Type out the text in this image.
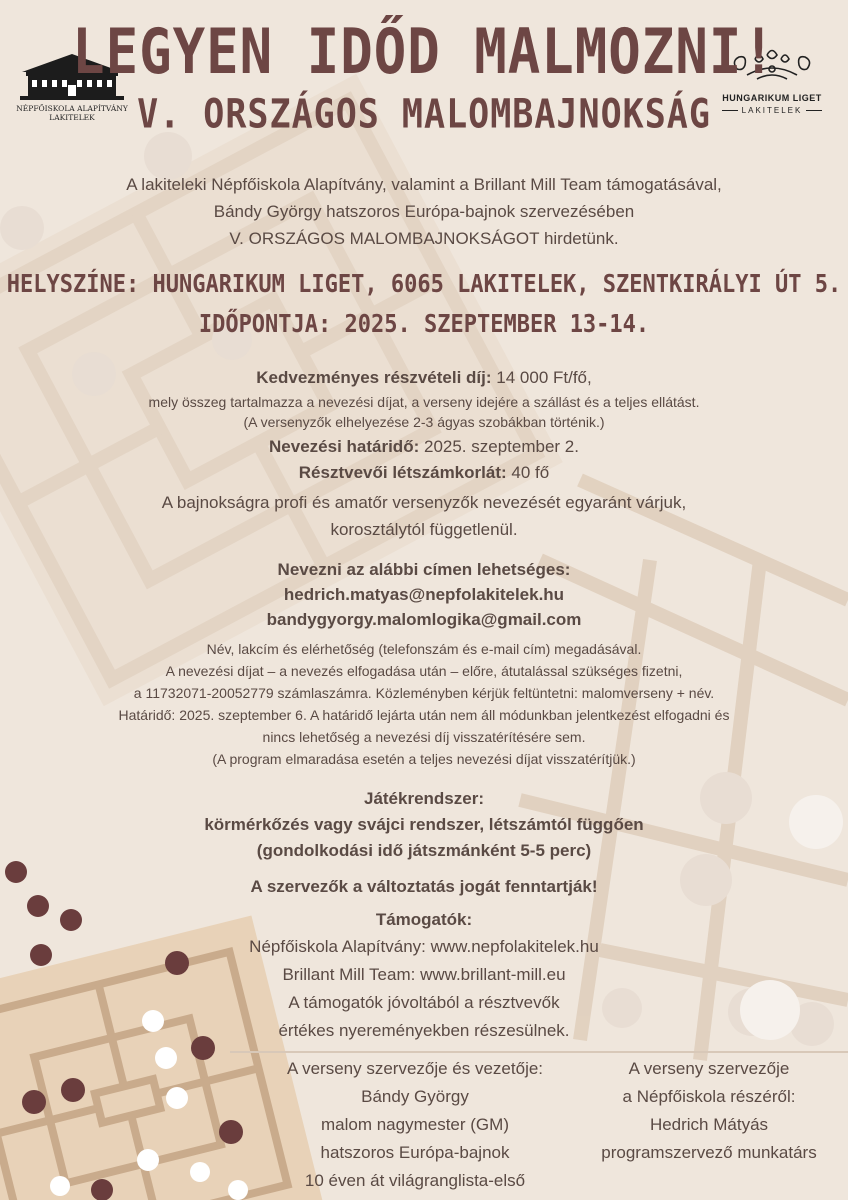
NÉPFŐISKOLA ALAPÍTVÁNY
LAKITELEK
HUNGARIKUM LIGET
LAKITELEK
LEGYEN IDŐD MALMOZNI!
V. ORSZÁGOS MALOMBAJNOKSÁG
A lakiteleki Népfőiskola Alapítvány, valamint a Brillant Mill Team támogatásával,
Bándy György hatszoros Európa-bajnok szervezésében
V. ORSZÁGOS MALOMBAJNOKSÁGOT hirdetünk.
HELYSZÍNE: HUNGARIKUM LIGET, 6065 LAKITELEK, SZENTKIRÁLYI ÚT 5.
IDŐPONTJA: 2025. SZEPTEMBER 13-14.
Kedvezményes részvételi díj: 14 000 Ft/fő,
mely összeg tartalmazza a nevezési díjat, a verseny idejére a szállást és a teljes ellátást.
(A versenyzők elhelyezése 2-3 ágyas szobákban történik.)
Nevezési határidő: 2025. szeptember 2.
Résztvevői létszámkorlát: 40 fő
A bajnokságra profi és amatőr versenyzők nevezését egyaránt várjuk,
korosztálytól függetlenül.
Nevezni az alábbi címen lehetséges:
hedrich.matyas@nepfolakitelek.hu
bandygyorgy.malomlogika@gmail.com
Név, lakcím és elérhetőség (telefonszám és e-mail cím) megadásával.
A nevezési díjat – a nevezés elfogadása után – előre, átutalással szükséges fizetni,
a 11732071-20052779 számlaszámra. Közleményben kérjük feltüntetni: malomverseny + név.
Határidő: 2025. szeptember 6. A határidő lejárta után nem áll módunkban jelentkezést elfogadni és
nincs lehetőség a nevezési díj visszatérítésére sem.
(A program elmaradása esetén a teljes nevezési díjat visszatérítjük.)
Játékrendszer:
körmérkőzés vagy svájci rendszer, létszámtól függően
(gondolkodási idő játszmánként 5-5 perc)
A szervezők a változtatás jogát fenntartják!
Támogatók:
Népfőiskola Alapítvány: www.nepfolakitelek.hu
Brillant Mill Team: www.brillant-mill.eu
A támogatók jóvoltából a résztvevők
értékes nyereményekben részesülnek.
A verseny szervezője és vezetője:
Bándy György
malom nagymester (GM)
hatszoros Európa-bajnok
10 éven át világranglista-első
A verseny szervezője
a Népfőiskola részéről:
Hedrich Mátyás
programszervező munkatárs
